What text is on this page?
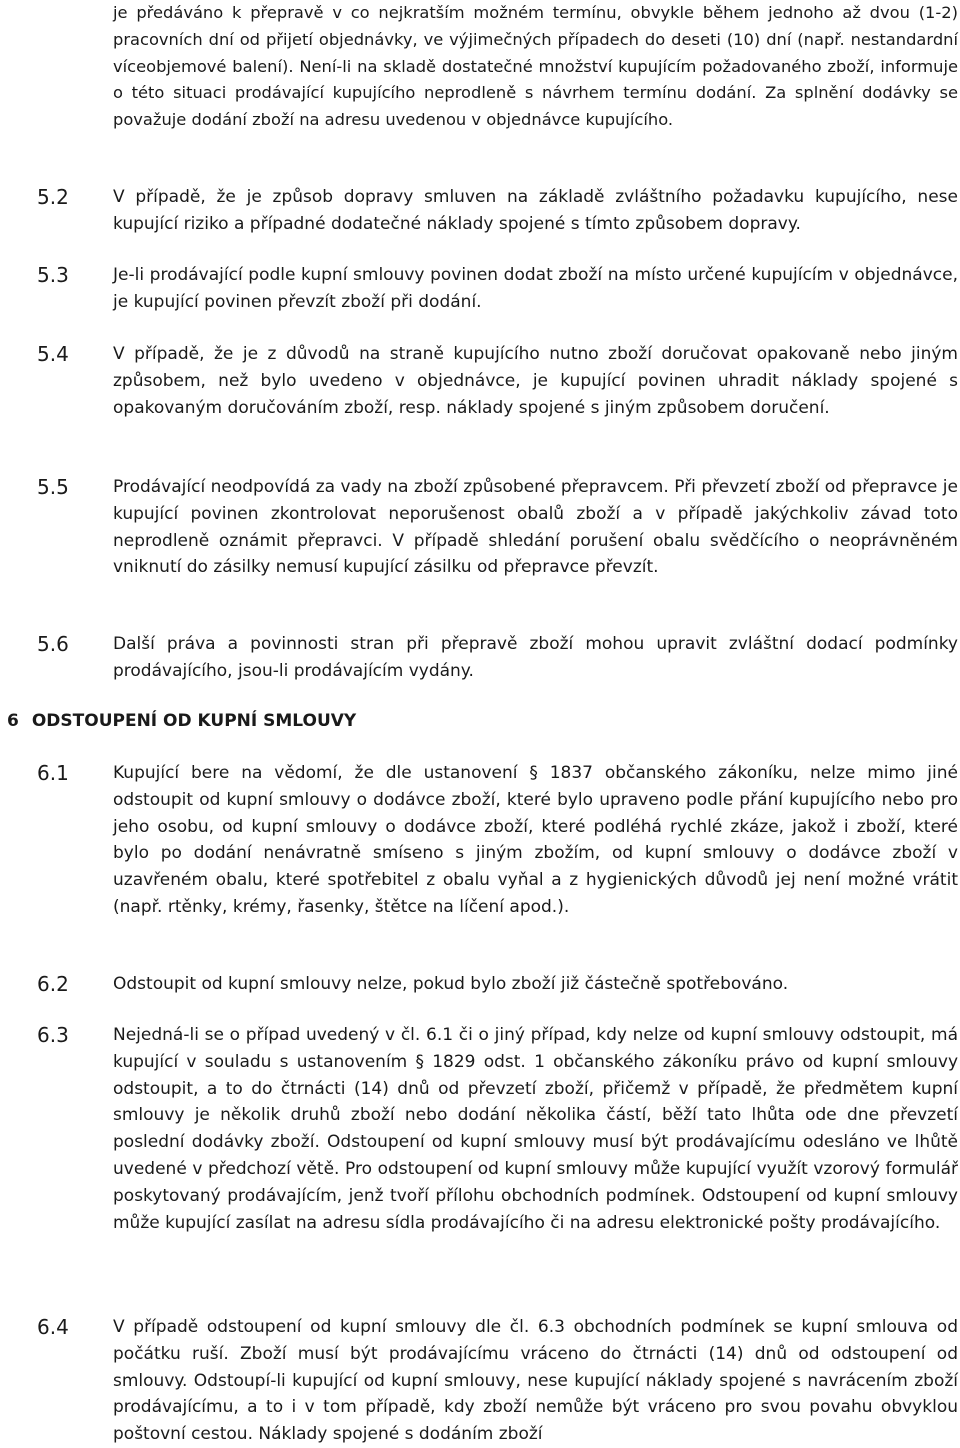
je předáváno k přepravě v co nejkratším možném termínu, obvykle během jednoho až dvou (1-2) pracovních dní od přijetí objednávky, ve výjimečných případech do deseti (10) dní (např. nestandardní víceobjemové balení). Není-li na skladě dostatečné množství kupujícím požadovaného zboží, informuje o této situaci prodávající kupujícího neprodleně s návrhem termínu dodání. Za splnění dodávky se považuje dodání zboží na adresu uvedenou v objednávce kupujícího.

5.2	V případě, že je způsob dopravy smluven na základě zvláštního požadavku kupujícího, nese kupující riziko a případné dodatečné náklady spojené s tímto způsobem dopravy.

5.3	Je-li prodávající podle kupní smlouvy povinen dodat zboží na místo určené kupujícím v objednávce, je kupující povinen převzít zboží při dodání.

5.4	V případě, že je z důvodů na straně kupujícího nutno zboží doručovat opakovaně nebo jiným způsobem, než bylo uvedeno v objednávce, je kupující povinen uhradit náklady spojené s opakovaným doručováním zboží, resp. náklady spojené s jiným způsobem doručení.

5.5	Prodávající neodpovídá za vady na zboží způsobené přepravcem. Při převzetí zboží od přepravce je kupující povinen zkontrolovat neporušenost obalů zboží a v případě jakýchkoliv závad toto neprodleně oznámit přepravci. V případě shledání porušení obalu svědčícího o neoprávněném vniknutí do zásilky nemusí kupující zásilku od přepravce převzít.

5.6	Další práva a povinnosti stran při přepravě zboží mohou upravit zvláštní dodací podmínky prodávajícího, jsou-li prodávajícím vydány.

6 ODSTOUPENÍ OD KUPNÍ SMLOUVY
6.1	Kupující bere na vědomí, že dle ustanovení § 1837 občanského zákoníku, nelze mimo jiné odstoupit od kupní smlouvy o dodávce zboží, které bylo upraveno podle přání kupujícího nebo pro jeho osobu, od kupní smlouvy o dodávce zboží, které podléhá rychlé zkáze, jakož i zboží, které bylo po dodání nenávratně smíseno s jiným zbožím, od kupní smlouvy o dodávce zboží v uzavřeném obalu, které spotřebitel z obalu vyňal a z hygienických důvodů jej není možné vrátit (např. rtěnky, krémy, řasenky, štětce na líčení apod.).

6.2	Odstoupit od kupní smlouvy nelze, pokud bylo zboží již částečně spotřebováno.

6.3	Nejedná-li se o případ uvedený v čl. 6.1 či o jiný případ, kdy nelze od kupní smlouvy odstoupit, má kupující v souladu s ustanovením § 1829 odst. 1 občanského zákoníku právo od kupní smlouvy odstoupit, a to do čtrnácti (14) dnů od převzetí zboží, přičemž v případě, že předmětem kupní smlouvy je několik druhů zboží nebo dodání několika částí, běží tato lhůta ode dne převzetí poslední dodávky zboží. Odstoupení od kupní smlouvy musí být prodávajícímu odesláno ve lhůtě uvedené v předchozí větě. Pro odstoupení od kupní smlouvy může kupující využít vzorový formulář poskytovaný prodávajícím, jenž tvoří přílohu obchodních podmínek. Odstoupení od kupní smlouvy může kupující zasílat na adresu sídla prodávajícího či na adresu elektronické pošty prodávajícího.

6.4	V případě odstoupení od kupní smlouvy dle čl. 6.3 obchodních podmínek se kupní smlouva od počátku ruší. Zboží musí být prodávajícímu vráceno do čtrnácti (14) dnů od odstoupení od smlouvy. Odstoupí-li kupující od kupní smlouvy, nese kupující náklady spojené s navrácením zboží prodávajícímu, a to i v tom případě, kdy zboží nemůže být vráceno pro svou povahu obvyklou poštovní cestou. Náklady spojené s dodáním zboží
